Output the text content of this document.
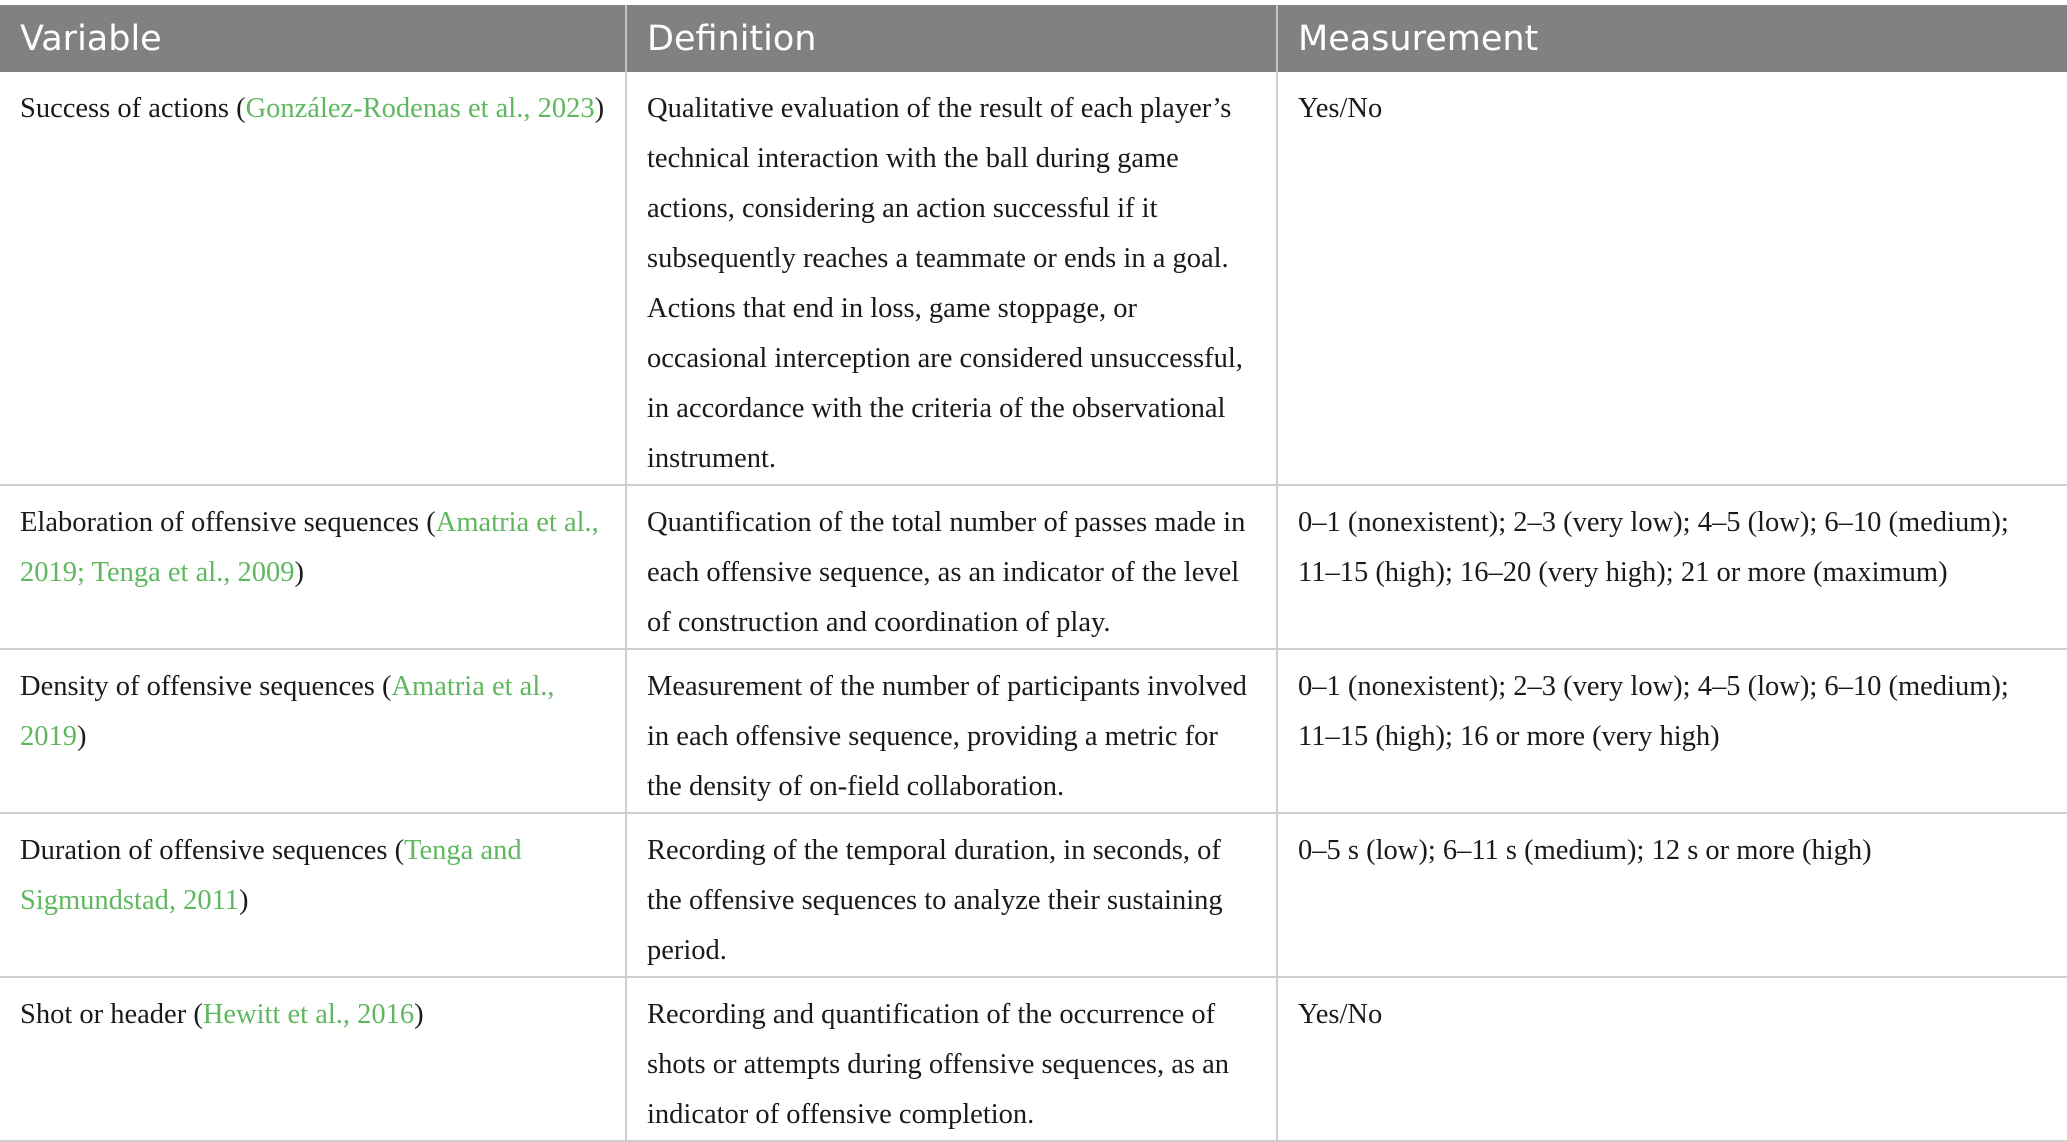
Variable	Definition	Measurement
Success of actions (González-Rodenas et al., 2023)	Qualitative evaluation of the result of each player’s technical interaction with the ball during game actions, considering an action successful if it subsequently reaches a teammate or ends in a goal. Actions that end in loss, game stoppage, or occasional interception are considered unsuccessful, in accordance with the criteria of the observational instrument.	Yes/No
Elaboration of offensive sequences (Amatria et al., 2019; Tenga et al., 2009)	Quantification of the total number of passes made in each offensive sequence, as an indicator of the level of construction and coordination of play.	0–1 (nonexistent); 2–3 (very low); 4–5 (low); 6–10 (medium); 11–15 (high); 16–20 (very high); 21 or more (maximum)
Density of offensive sequences (Amatria et al., 2019)	Measurement of the number of participants involved in each offensive sequence, providing a metric for the density of on-field collaboration.	0–1 (nonexistent); 2–3 (very low); 4–5 (low); 6–10 (medium); 11–15 (high); 16 or more (very high)
Duration of offensive sequences (Tenga and Sigmundstad, 2011)	Recording of the temporal duration, in seconds, of the offensive sequences to analyze their sustaining period.	0–5 s (low); 6–11 s (medium); 12 s or more (high)
Shot or header (Hewitt et al., 2016)	Recording and quantification of the occurrence of shots or attempts during offensive sequences, as an indicator of offensive completion.	Yes/No
